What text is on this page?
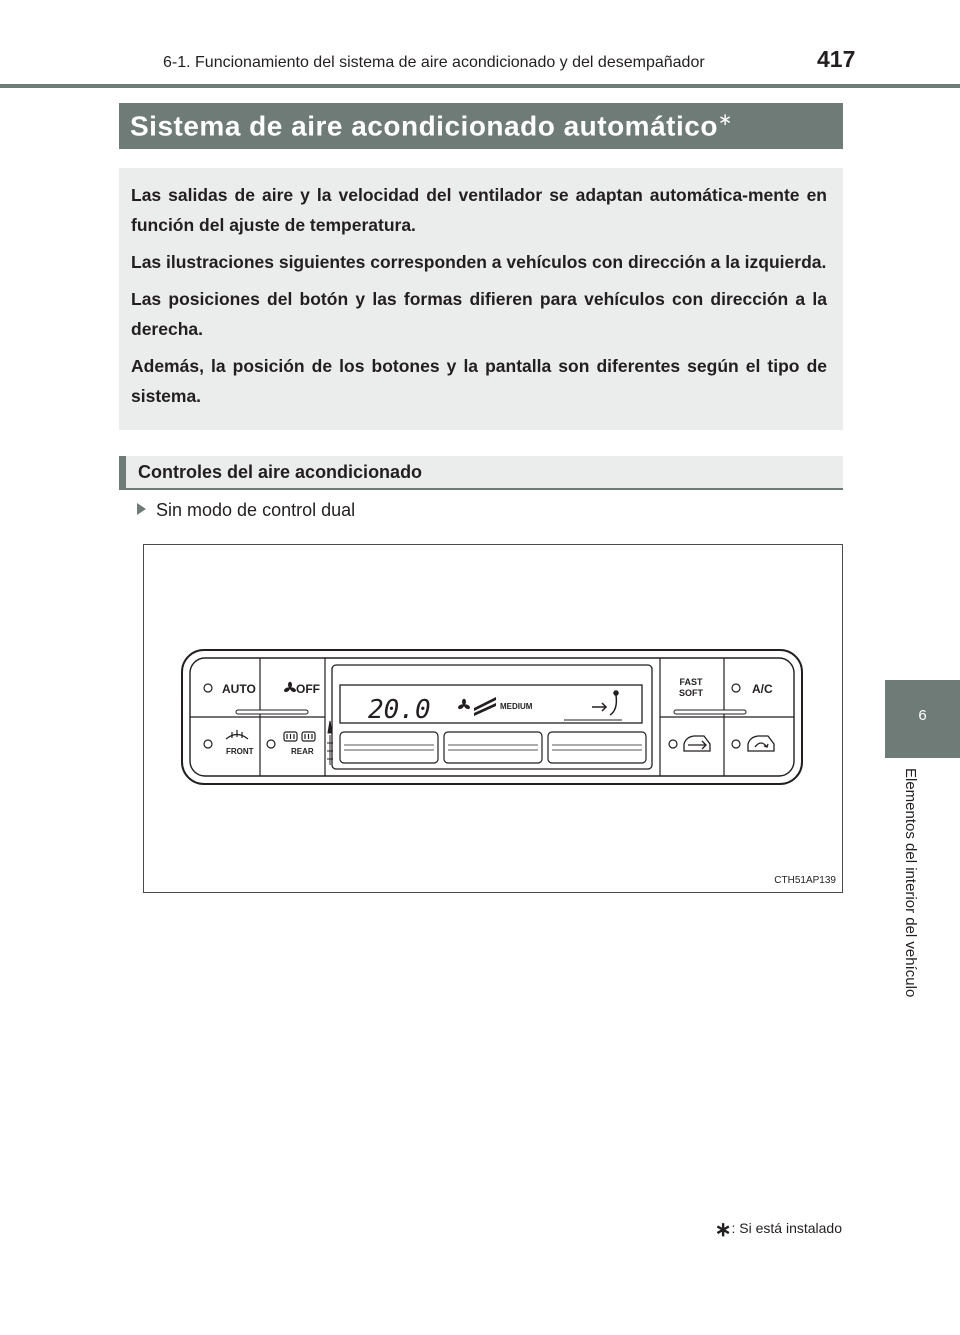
6-1. Funcionamiento del sistema de aire acondicionado y del desempañador	417
6
Elementos del interior del vehículo
Sistema de aire acondicionado automático∗

Las salidas de aire y la velocidad del ventilador se adaptan automática-mente en función del ajuste de temperatura.

Las ilustraciones siguientes corresponden a vehículos con dirección a la izquierda.

Las posiciones del botón y las formas difieren para vehículos con dirección a la derecha.

Además, la posición de los botones y la pantalla son diferentes según el tipo de sistema.

Controles del aire acondicionado
Sin modo de control dual
AUTO	OFF
FRONT	REAR
20.0	MEDIUM
FAST
SOFT	A/C
CTH51AP139
∗: Si está instalado
